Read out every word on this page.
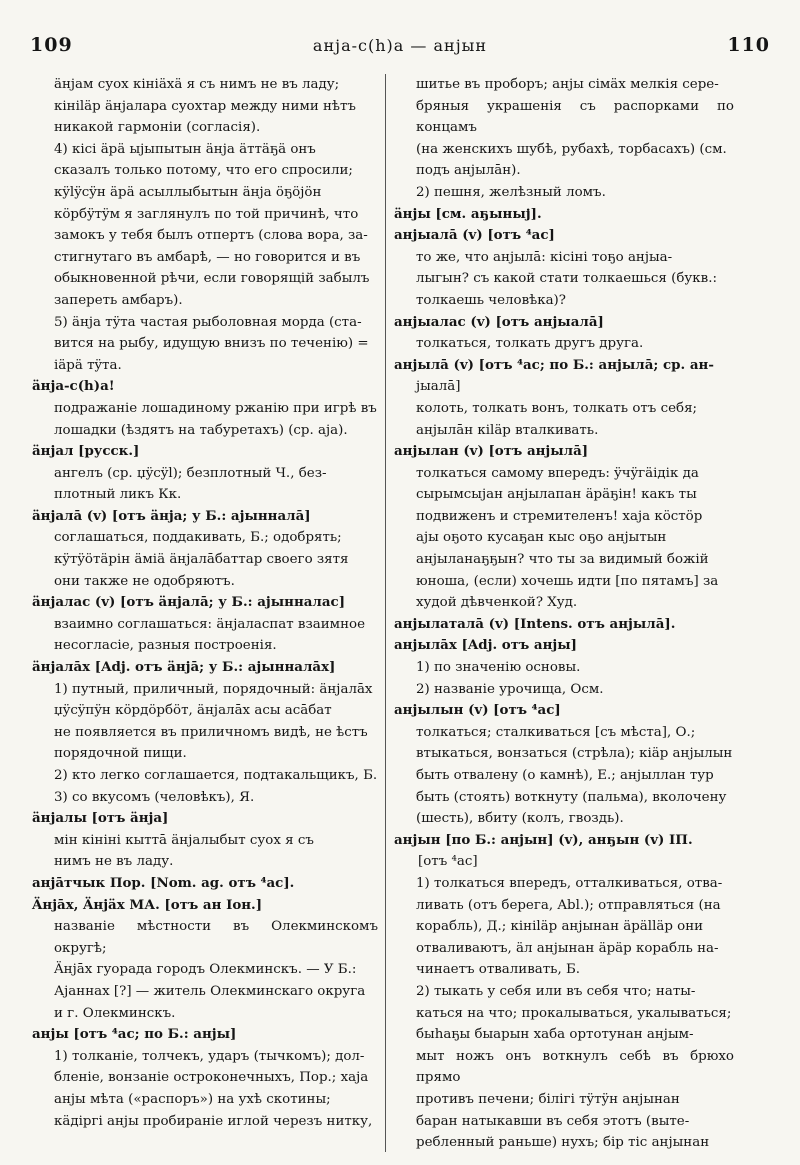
109	анjа-с(h)а — анjын	110

äнjам суох кініäхä я съ нимъ не въ ладу;

кініläр äнjалара суохтар между ними нѣтъ

никакой гармоніи (согласія).

4) кісі äрä ыјыпытын äнjа äттäҕä онъ

сказалъ только потому, что его спросили;

кÿlÿсÿн äрä асыллыбытын äнjа öҕöjöн

кöрбÿтÿм я заглянулъ по той причинѣ, что

замокъ у тебя былъ отпертъ (слова вора, за-

стигнутаго въ амбарѣ, — но говорится и въ

обыкновенной рѣчи, если говорящій забылъ

запереть амбаръ).

5) äнjа тÿта частая рыболовная морда (ста-

вится на рыбу, идущую внизъ по теченію) =

iäрä тÿта.

äнjа-с(h)а!

подражаніе лошадиному ржанію при игрѣ въ

лошадки (ѣздятъ на табуретахъ) (ср. аја).

äнjал [русск.]

ангелъ (ср. џÿсÿl); безплотный Ч., без-

плотный ликъ Кк.

äнjалā (v) [отъ äнjа; у Б.: аjынналā]

соглашаться, поддакивать, Б.; одобрять;

кÿтÿöтäрін äміä äнjалāбаттар своего зятя

они также не одобряютъ.

äнjалас (v) [отъ äнjалā; у Б.: аjынналас]

взаимно соглашаться: äнjаласпат взаимное

несогласіе, разныя построенія.

äнjалāх [Adj. отъ äнjā; у Б.: аjынналāх]

1) путный, приличный, порядочный: äнjалāх

џÿсÿпÿн кöрдöрбöт, äнjалāх асы асāбат

не появляется въ приличномъ видѣ, не ѣстъ

порядочной пищи.

2) кто легко соглашается, подтакальщикъ, Б.

3) со вкусомъ (человѣкъ), Я.

äнjалы [отъ äнjа]

мін кініні кыттā äнjалыбыт суох я съ

нимъ не въ ладу.

анjāтчык Пор. [Nom. ag. отъ ⁴ас].

Äнjāх, Äнjäх МА. [отъ ан Іон.]

названіе мѣстности въ Олекминскомъ округѣ;

Äнjāх гуорада городъ Олекминскъ. — У Б.:

Аjаннах [?] — житель Олекминскаго округа

и г. Олекминскъ.

анjы [отъ ⁴ас; по Б.: анjы]

1) толканіе, толчекъ, ударъ (тычкомъ); дол-

бленіе, вонзаніе остроконечныхъ, Пор.; хаjа

анjы мѣта («распоръ») на ухѣ скотины;

кäдiргi анjы пробираніе иглой черезъ нитку,

шитье въ проборъ; анjы сiмäх мелкія сере-

бряныя украшенія съ распорками по концамъ

(на женскихъ шубѣ, рубахѣ, торбасахъ) (см.

подъ анjылāн).

2) пешня, желѣзный ломъ.

äнjы [см. аҕыныј].

анjыалā (v) [отъ ⁴ас]

то же, что анjылā: кiсiнi тоҕо анjыа-

лыгын? съ какой стати толкаешься (букв.:

толкаешь человѣка)?

анjыалас (v) [отъ анjыалā]

толкаться, толкать другъ друга.

анjылā (v) [отъ ⁴ас; по Б.: анjылā; ср. ан-

јыалā]

колоть, толкать вонъ, толкать отъ себя;

анjылāн кiläр вталкивать.

анjылан (v) [отъ анjылā]

толкаться самому впередъ: ÿчÿгäiдiк да

сырымсыjан анjылапан äрäҕiн! какъ ты

подвиженъ и стремителенъ! хаjа кöстöр

аjы оҕото кусаҕан кыс оҕо анjытын

анjыланаҕҕын? что ты за видимый божій

юноша, (если) хочешь идти [по пятамъ] за

худой дѣвченкой? Худ.

анjылаталā (v) [Intens. отъ анjылā].

анjылāх [Adj. отъ анjы]

1) по значенію основы.

2) названіе урочища, Осм.

анjылын (v) [отъ ⁴ас]

толкаться; сталкиваться [съ мѣста], О.;

втыкаться, вонзаться (стрѣла); кiäр анjылын

быть отвалену (о камнѣ), Е.; анjыллан тур

быть (стоять) воткнуту (пальма), вколочену

(шесть), вбиту (колъ, гвоздь).

анjын [по Б.: анjын] (v), анҕын (v) IП.

[отъ ⁴ас]

1) толкаться впередъ, отталкиваться, отва-

ливать (отъ берега, Abl.); отправляться (на

корабль), Д.; кiнiläр анjынан äрälläр они

отваливаютъ, äл анjынан äрäр корабль на-

чинаетъ отваливать, Б.

2) тыкать у себя или въ себя что; наты-

каться на что; прокалываться, укалываться;

быhаҕы быарын хаба ортотунан анjым-

мыт ножъ онъ воткнулъ себѣ въ брюхо прямо

противъ печени; бiлiгi тÿтÿн анjынан

баран натыкавши въ себя этотъ (выте-

ребленный раньше) нухъ; бiр тiс анjынан
